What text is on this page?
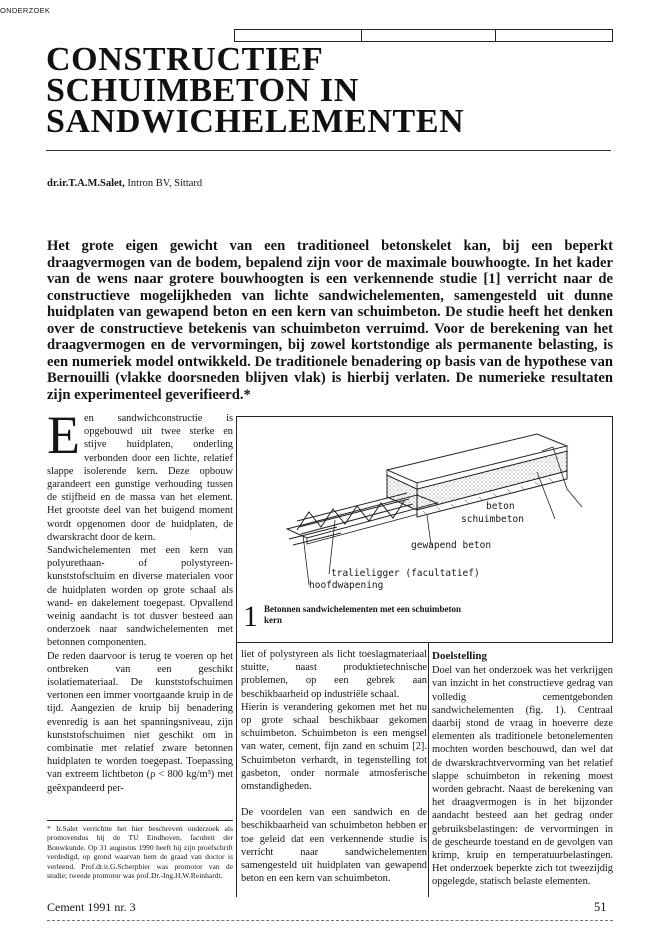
ONDERZOEK
CONSTRUCTIEF
SCHUIMBETON IN
SANDWICHELEMENTEN
dr.ir.T.A.M.Salet, Intron BV, Sittard

Het grote eigen gewicht van een traditioneel betonskelet kan, bij een beperkt draagvermogen van de bodem, bepalend zijn voor de maximale bouwhoogte. In het kader van de wens naar grotere bouwhoogten is een verkennende studie [1] verricht naar de constructieve mogelijkheden van lichte sandwichelementen, samengesteld uit dunne huidplaten van gewapend beton en een kern van schuimbeton. De studie heeft het denken over de constructieve betekenis van schuimbeton verruimd. Voor de berekening van het draagvermogen en de vervormingen, bij zowel kortstondige als permanente belasting, is een numeriek model ontwikkeld. De traditionele benadering op basis van de hypothese van Bernouilli (vlakke doorsneden blijven vlak) is hierbij verlaten. De numerieke resultaten zijn experimenteel geverifieerd.*

E en sandwichconstructie is opgebouwd uit twee sterke en stijve huidplaten, onderling verbonden door een lichte, relatief slappe isolerende kern. Deze opbouw garandeert een gunstige verhouding tussen de stijfheid en de massa van het element. Het grootste deel van het buigend moment wordt opgenomen door de huidplaten, de dwarskracht door de kern.
Sandwichelementen met een kern van polyurethaan- of polystyreen-kunststofschuim en diverse materialen voor de huidplaten worden op grote schaal als wand- en dakelement toegepast. Opvallend weinig aandacht is tot dusver besteed aan onderzoek naar sandwichelementen met betonnen componenten.
De reden daarvoor is terug te voeren op het ontbreken van een geschikt isolatiemateriaal. De kunststofschuimen vertonen een immer voortgaande kruip in de tijd. Aangezien de kruip bij benadering evenredig is aan het spanningsniveau, zijn kunststofschuimen niet geschikt om in combinatie met relatief zware betonnen huidplaten te worden toegepast. Toepassing van extreem lichtbeton (ρ < 800 kg/m³) met geëxpandeerd per-
beton
schuimbeton
gewapend beton
tralieligger (facultatief)
hoofdwapening
1 Betonnen sandwichelementen met een schuimbeton kern

liet of polystyreen als licht toeslagmateriaal stuitte, naast produktietechnische problemen, op een gebrek aan beschikbaarheid op industriële schaal.
Hierin is verandering gekomen met het nu op grote schaal beschikbaar gekomen schuimbeton. Schuimbeton is een mengsel van water, cement, fijn zand en schuim [2]. Schuimbeton verhardt, in tegenstelling tot gasbeton, onder normale atmosferische omstandigheden.

De voordelen van een sandwich en de beschikbaarheid van schuimbeton hebben er toe geleid dat een verkennende studie is verricht naar sandwichelementen samengesteld uit huidplaten van gewapend beton en een kern van schuimbeton.

Doelstelling

Doel van het onderzoek was het verkrijgen van inzicht in het constructieve gedrag van volledig cementgebonden sandwichelementen (fig. 1). Centraal daarbij stond de vraag in hoeverre deze elementen als traditionele betonelementen mochten worden beschouwd, dan wel dat de dwarskrachtvervorming van het relatief slappe schuimbeton in rekening moest worden gebracht. Naast de berekening van het draagvermogen is in het bijzonder aandacht besteed aan het gedrag onder gebruiksbelastingen: de vervormingen in de gescheurde toestand en de gevolgen van krimp, kruip en temperatuurbelastingen. Het onderzoek beperkte zich tot tweezijdig opgelegde, statisch belaste elementen.

* Ir.Salet verrichtte het hier beschreven onderzoek als promovendus bij de TU Eindhoven, faculteit der Bouwkunde. Op 31 augustus 1990 heeft hij zijn proefschrift verdedigd, op grond waarvan hem de graad van doctor is verleend. Prof.dr.ir.G.Scherpbier was promotor van de studie; tweede promotor was prof.Dr.-Ing.H.W.Reinhardt.

Cement 1991 nr. 3	51
